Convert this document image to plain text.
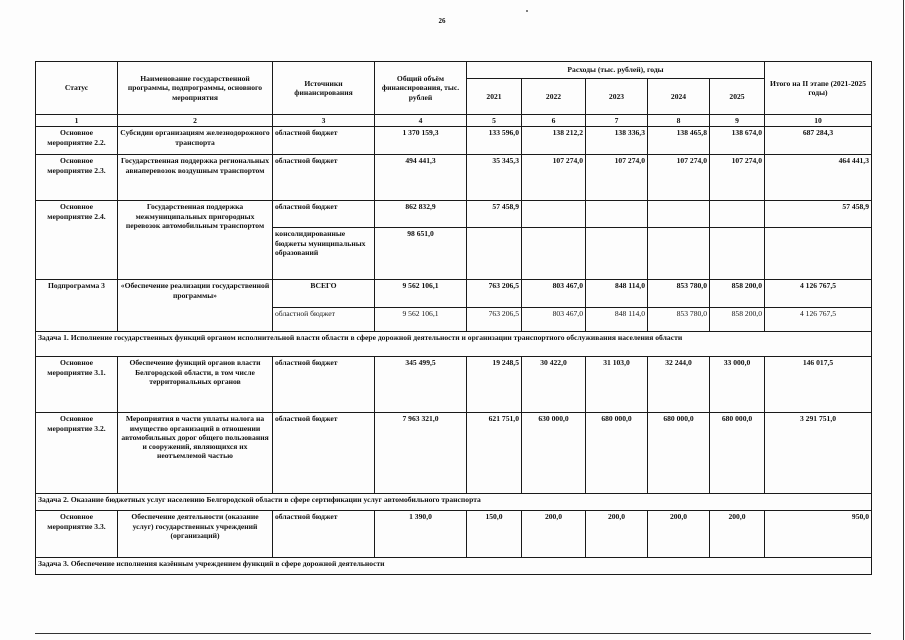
26
Статус	Наименование государственной программы, подпрограммы, основного мероприятия	Источники финансирования	Общий объём финансирования, тыс. рублей	Расходы (тыс. рублей), годы					Итого на II этапе (2021-2025 годы)
				2021	2022	2023	2024	2025	
1	2	3	4	5	6	7	8	9	10
Основное мероприятие 2.2.	Субсидии организациям железнодорожного транспорта	областной бюджет	1 370 159,3	133 596,0	138 212,2	138 336,3	138 465,8	138 674,0	687 284,3
Основное мероприятие 2.3.	Государственная поддержка региональных авиаперевозок воздушным транспортом	областной бюджет	494 441,3	35 345,3	107 274,0	107 274,0	107 274,0	107 274,0	464 441,3
Основное мероприятие 2.4.	Государственная поддержка межмуниципальных пригородных перевозок автомобильным транспортом	областной бюджет	862 832,9	57 458,9					57 458,9
		консолидированные бюджеты муниципальных образований	98 651,0						
Подпрограмма 3	«Обеспечение реализации государственной программы»	ВСЕГО	9 562 106,1	763 206,5	803 467,0	848 114,0	853 780,0	858 200,0	4 126 767,5
		областной бюджет	9 562 106,1	763 206,5	803 467,0	848 114,0	853 780,0	858 200,0	4 126 767,5
Задача 1. Исполнение государственных функций органом исполнительной власти области в сфере дорожной деятельности и организации транспортного обслуживания населения области									
Основное мероприятие 3.1.	Обеспечение функций органов власти Белгородской области, в том числе территориальных органов	областной бюджет	345 499,5	19 248,5	30 422,0	31 103,0	32 244,0	33 000,0	146 017,5
Основное мероприятие 3.2.	Мероприятия в части уплаты налога на имущество организаций в отношении автомобильных дорог общего пользования и сооружений, являющихся их неотъемлемой частью	областной бюджет	7 963 321,0	621 751,0	630 000,0	680 000,0	680 000,0	680 000,0	3 291 751,0
Задача 2. Оказание бюджетных услуг населению Белгородской области в сфере сертификации услуг автомобильного транспорта									
Основное мероприятие 3.3.	Обеспечение деятельности (оказание услуг) государственных учреждений (организаций)	областной бюджет	1 390,0	150,0	200,0	200,0	200,0	200,0	950,0
Задача 3. Обеспечение исполнения казённым учреждением функций в сфере дорожной деятельности									
